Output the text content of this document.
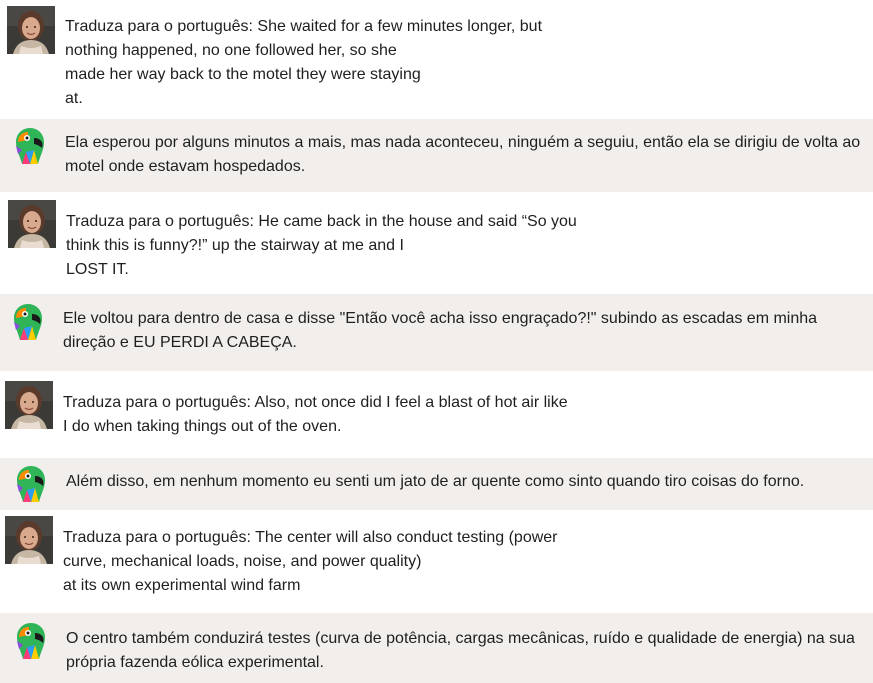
Traduza para o português: She waited for a few minutes longer, but
nothing happened, no one followed her, so she
made her way back to the motel they were staying
at.

Ela esperou por alguns minutos a mais, mas nada aconteceu, ninguém a seguiu, então ela se dirigiu de volta ao
motel onde estavam hospedados.

Traduza para o português: He came back in the house and said “So you
think this is funny?!” up the stairway at me and I
LOST IT.

Ele voltou para dentro de casa e disse "Então você acha isso engraçado?!" subindo as escadas em minha
direção e EU PERDI A CABEÇA.

Traduza para o português: Also, not once did I feel a blast of hot air like
I do when taking things out of the oven.

Além disso, em nenhum momento eu senti um jato de ar quente como sinto quando tiro coisas do forno.

Traduza para o português: The center will also conduct testing (power
curve, mechanical loads, noise, and power quality)
at its own experimental wind farm

O centro também conduzirá testes (curva de potência, cargas mecânicas, ruído e qualidade de energia) na sua
própria fazenda eólica experimental.
